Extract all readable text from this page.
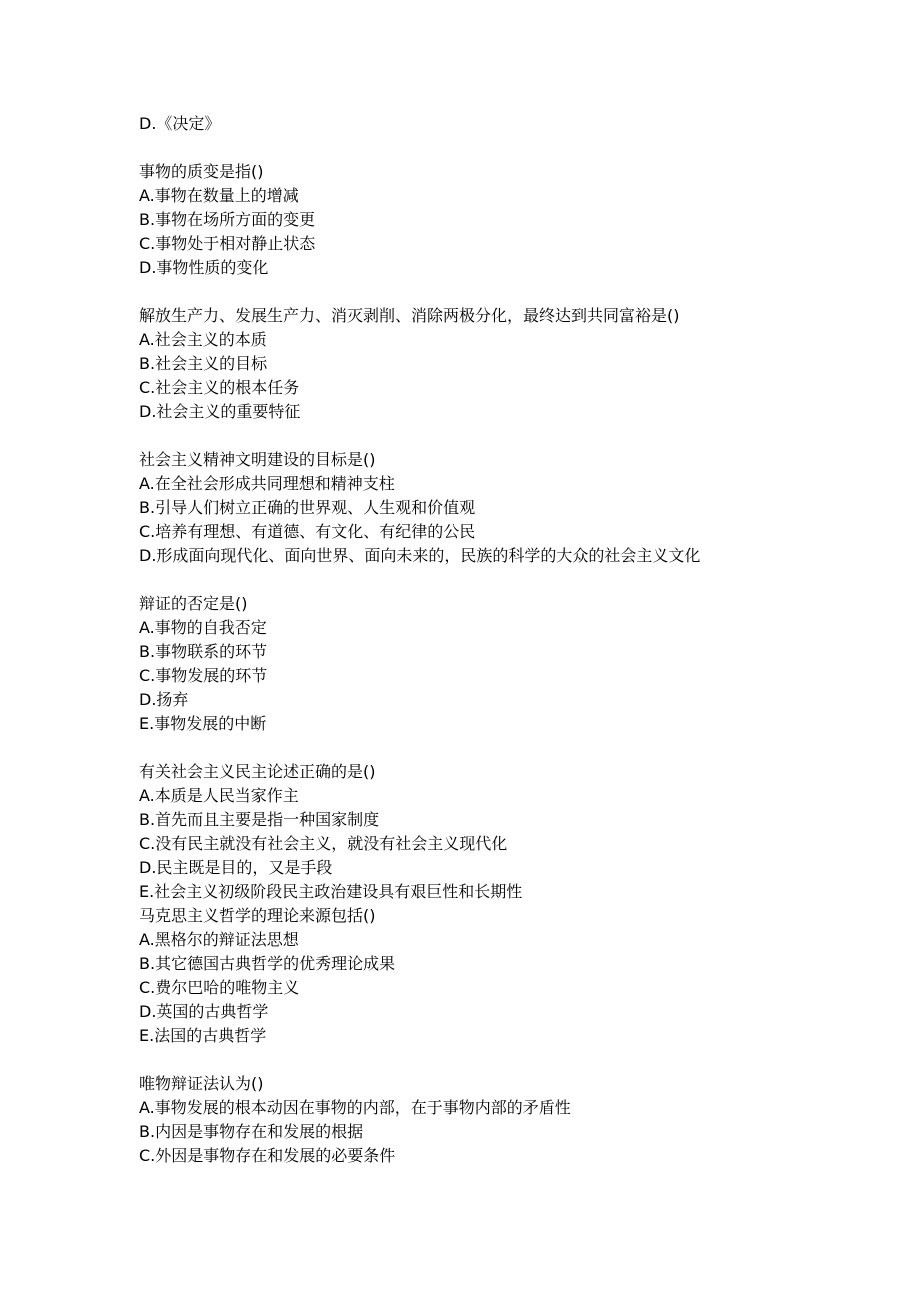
D.《决定》

事物的质变是指()

A.事物在数量上的增减

B.事物在场所方面的变更

C.事物处于相对静止状态

D.事物性质的变化

解放生产力、发展生产力、消灭剥削、消除两极分化，最终达到共同富裕是()

A.社会主义的本质

B.社会主义的目标

C.社会主义的根本任务

D.社会主义的重要特征

社会主义精神文明建设的目标是()

A.在全社会形成共同理想和精神支柱

B.引导人们树立正确的世界观、人生观和价值观

C.培养有理想、有道德、有文化、有纪律的公民

D.形成面向现代化、面向世界、面向未来的，民族的科学的大众的社会主义文化

辩证的否定是()

A.事物的自我否定

B.事物联系的环节

C.事物发展的环节

D.扬弃

E.事物发展的中断

有关社会主义民主论述正确的是()

A.本质是人民当家作主

B.首先而且主要是指一种国家制度

C.没有民主就没有社会主义，就没有社会主义现代化

D.民主既是目的，又是手段

E.社会主义初级阶段民主政治建设具有艰巨性和长期性

马克思主义哲学的理论来源包括()

A.黑格尔的辩证法思想

B.其它德国古典哲学的优秀理论成果

C.费尔巴哈的唯物主义

D.英国的古典哲学

E.法国的古典哲学

唯物辩证法认为()

A.事物发展的根本动因在事物的内部，在于事物内部的矛盾性

B.内因是事物存在和发展的根据

C.外因是事物存在和发展的必要条件
